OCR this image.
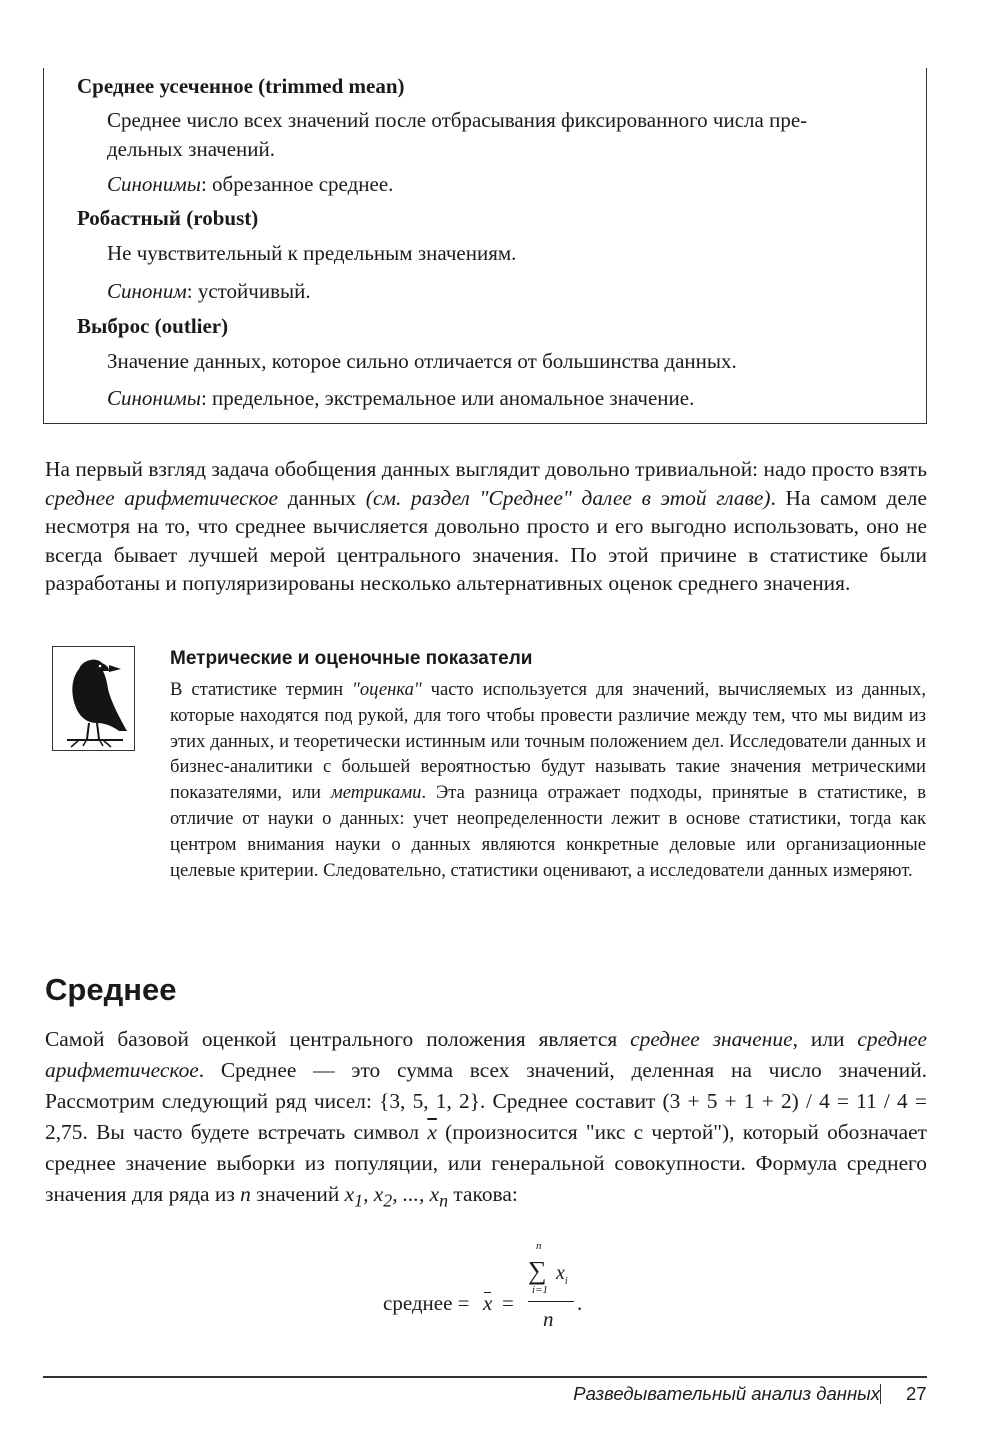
Среднее усеченное (trimmed mean)
Среднее число всех значений после отбрасывания фиксированного числа пре-
дельных значений.
Синонимы: обрезанное среднее.
Робастный (robust)
Не чувствительный к предельным значениям.
Синоним: устойчивый.
Выброс (outlier)
Значение данных, которое сильно отличается от большинства данных.
Синонимы: предельное, экстремальное или аномальное значение.
На первый взгляд задача обобщения данных выглядит довольно тривиальной: надо просто взять среднее арифметическое данных (см. раздел "Среднее" далее в этой главе). На самом деле несмотря на то, что среднее вычисляется довольно просто и его выгодно использовать, оно не всегда бывает лучшей мерой центрального значения. По этой причине в статистике были разработаны и популяризированы несколько альтернативных оценок среднего значения.
Метрические и оценочные показатели
В статистике термин "оценка" часто используется для значений, вычисляемых из данных, которые находятся под рукой, для того чтобы провести различие между тем, что мы видим из этих данных, и теоретически истинным или точным положением дел. Исследователи данных и бизнес-аналитики с большей вероятностью будут называть такие значения метрическими показателями, или метриками. Эта разница отражает подходы, принятые в статистике, в отличие от науки о данных: учет неопределенности лежит в основе статистики, тогда как центром внимания науки о данных являются конкретные деловые или организационные целевые критерии. Следовательно, статистики оценивают, а исследователи данных измеряют.
Среднее
Самой базовой оценкой центрального положения является среднее значение, или среднее арифметическое. Среднее — это сумма всех значений, деленная на число значений. Рассмотрим следующий ряд чисел: {3, 5, 1, 2}. Среднее составит (3 + 5 + 1 + 2) / 4 = 11 / 4 = 2,75. Вы часто будете встречать символ $\overline{x}$ (произносится "икс с чертой"), который обозначает среднее значение выборки из популяции, или генеральной совокупности. Формула среднего значения для ряда из n значений $x_1$, $x_2$, ..., $x_n$ такова:
среднее = x =
n
∑
i=1
$x_i$
n
.
Разведывательный анализ данных 27
